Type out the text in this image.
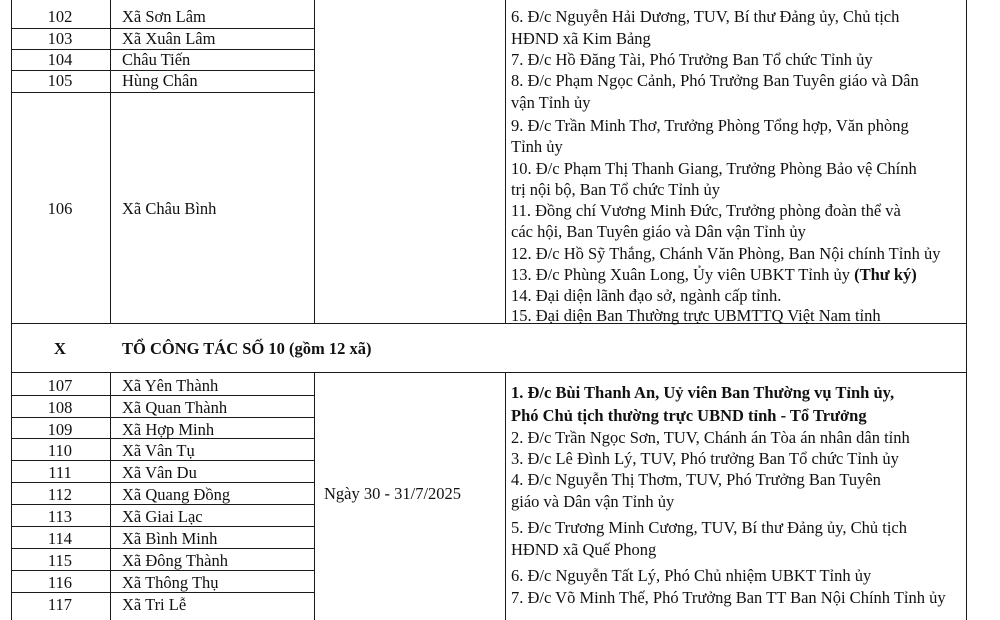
102	Xã Sơn Lâm
103	Xã Xuân Lâm
104	Châu Tiến
105	Hùng Chân
106	Xã Châu Bình
6. Đ/c Nguyễn Hải Dương, TUV, Bí thư Đảng ủy, Chủ tịch
HĐND xã Kim Bảng
7. Đ/c Hồ Đăng Tài, Phó Trưởng Ban Tổ chức Tỉnh ủy
8. Đ/c Phạm Ngọc Cảnh, Phó Trưởng Ban Tuyên giáo và Dân
vận Tỉnh ủy
9. Đ/c Trần Minh Thơ, Trưởng Phòng Tổng hợp, Văn phòng
Tỉnh ủy
10. Đ/c Phạm Thị Thanh Giang, Trưởng Phòng Bảo vệ Chính
trị nội bộ, Ban Tổ chức Tỉnh ủy
11. Đồng chí Vương Minh Đức, Trưởng phòng đoàn thể và
các hội, Ban Tuyên giáo và Dân vận Tỉnh ủy
12. Đ/c Hồ Sỹ Thắng, Chánh Văn Phòng, Ban Nội chính Tỉnh ủy
13. Đ/c Phùng Xuân Long, Ủy viên UBKT Tỉnh ủy (Thư ký)
14. Đại diện lãnh đạo sở, ngành cấp tỉnh.
15. Đại diện Ban Thường trực UBMTTQ Việt Nam tỉnh
X	TỔ CÔNG TÁC SỐ 10 (gồm 12 xã)
107	Xã Yên Thành
108	Xã Quan Thành
109	Xã Hợp Minh
110	Xã Vân Tụ
111	Xã Vân Du
112	Xã Quang Đồng
113	Xã Giai Lạc
114	Xã Bình Minh
115	Xã Đông Thành
116	Xã Thông Thụ
117	Xã Tri Lễ
Ngày 30 - 31/7/2025
1. Đ/c Bùi Thanh An, Uỷ viên Ban Thường vụ Tỉnh ủy,
Phó Chủ tịch thường trực UBND tỉnh - Tổ Trưởng
2. Đ/c Trần Ngọc Sơn, TUV, Chánh án Tòa án nhân dân tỉnh
3. Đ/c Lê Đình Lý, TUV, Phó trưởng Ban Tổ chức Tỉnh ủy
4. Đ/c Nguyễn Thị Thơm, TUV, Phó Trưởng Ban Tuyên
giáo và Dân vận Tỉnh ủy
5. Đ/c Trương Minh Cương, TUV, Bí thư Đảng ủy, Chủ tịch
HĐND xã Quế Phong
6. Đ/c Nguyễn Tất Lý, Phó Chủ nhiệm UBKT Tỉnh ủy
7. Đ/c Võ Minh Thế, Phó Trưởng Ban TT Ban Nội Chính Tỉnh ủy
